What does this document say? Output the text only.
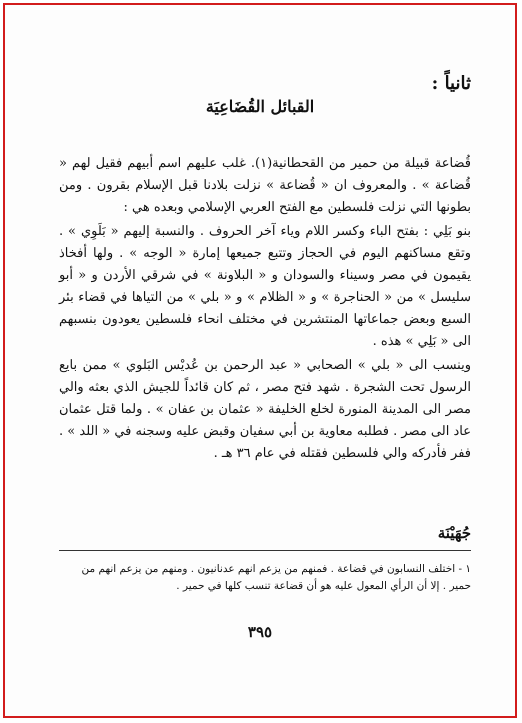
ثانياً :
القبائل القُضَاعِيَة

قُضاعة قبيلة من حمير من القحطانية(١). غلب عليهم اسم أبيهم فقيل لهم « قُضاعة » . والمعروف ان « قُضاعة » نزلت بلادنا قبل الإسلام بقرون . ومن بطونها التي نزلت فلسطين مع الفتح العربي الإسلامي وبعده هي :

بنو بَلِي : بفتح الباء وكسر اللام وياء آخر الحروف . والنسبة إليهم « بَلَوِي » . وتقع مساكنهم اليوم في الحجاز وتتبع جميعها إمارة « الوجه » . ولها أفخاذ يقيمون في مصر وسيناء والسودان و « البلاونة » في شرقي الأردن و « أبو سليسل » من « الحناجرة » و « الظلام » و « بلي » من التياها في قضاء بئر السبع وبعض جماعاتها المنتشرين في مختلف انحاء فلسطين يعودون بنسبهم الى « بَلِي » هذه .

وينسب الى « بلي » الصحابي « عبد الرحمن بن عُديْس البَلوي » ممن بايع الرسول تحت الشجرة . شهد فتح مصر ، ثم كان قائداً للجيش الذي بعثه والي مصر الى المدينة المنورة لخلع الخليفة « عثمان بن عفان » . ولما قتل عثمان عاد الى مصر . فطلبه معاوية بن أبي سفيان وقبض عليه وسجنه في « اللد » . ففر فأدركه والي فلسطين فقتله في عام ٣٦ هـ .

جُهَيْنَة

١ - اختلف النسابون في قضاعة . فمنهم من يزعم انهم عدنانيون . ومنهم من يزعم انهم من

حمير . إلا أن الرأي المعول عليه هو أن قضاعة تنسب كلها في حمير .

٣٩٥
